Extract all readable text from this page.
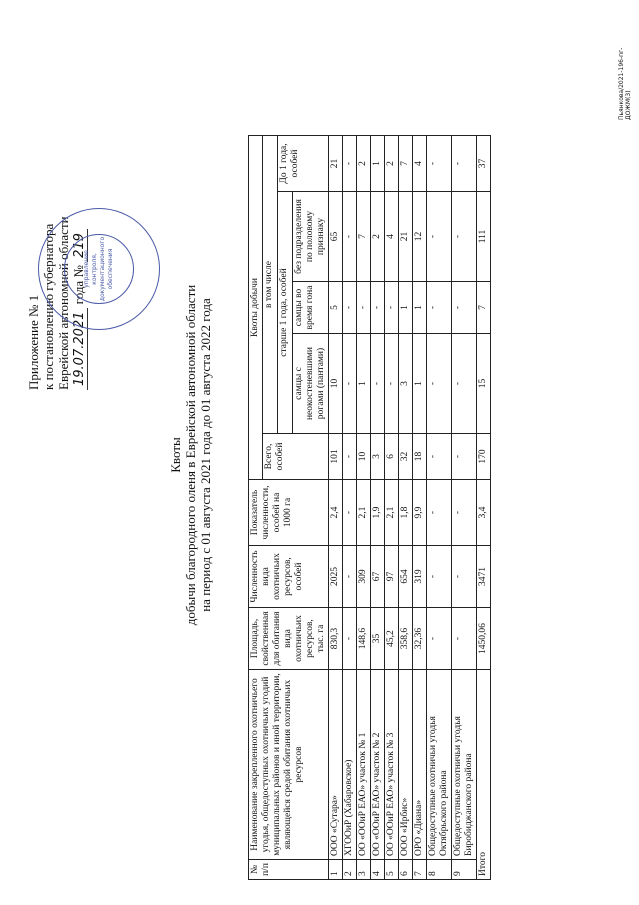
Приложение № 1 к постановлению губернатора Еврейской автономной области 19.07.2021 года № 219
управление контроля, документационного обеспечения
Квоты добычи благородного оленя в Еврейской автономной области на период с 01 августа 2021 года до 01 августа 2022 года
№ п/п	Наименование закрепленного охотничьего угодья, общедоступных охотничьих угодий муниципальных районов и иной территории, являющейся средой обитания охотничьих ресурсов	Площадь, свойственная для обитания вида охотничьих ресурсов, тыс. га	Численность вида охотничьих ресурсов, особей	Показатель численности, особей на 1000 га	Квоты добычи				
					Всего, особей	в том числе			
						старше 1 года, особей			До 1 года, особей
						самцы с неокостеневшими рогами (пантами)	самцы во время гона	без подразделения по половому признаку	
1	ООО «Сутара»	830,3	2025	2,4	101	10	5	65	21
2	ХГООиР (Хабаровское)	-	-	-	-	-	-	-	-
3	ОО «ООиР ЕАО» участок № 1	148,6	309	2,1	10	1	-	7	2
4	ОО «ООиР ЕАО» участок № 2	35	67	1,9	3	-	-	2	1
5	ОО «ООиР ЕАО» участок № 3	45,2	97	2,1	6	-	-	4	2
6	ООО «Ирбис»	358,6	654	1,8	32	3	1	21	7
7	ОРО «Диана»	32,36	319	9,9	18	1	1	12	4
8	Общедоступные охотничьи угодья Октябрьского района	-	-	-	-	-	-	-	-
9	Общедоступные охотничьи угодья Биробиджанского района	-	-	-	-	-	-	-	-
Итого		1450,06	3471	3,4	170	15	7	111	37
Пьянкова/2021-196-пг-ДОЖМ(3)
